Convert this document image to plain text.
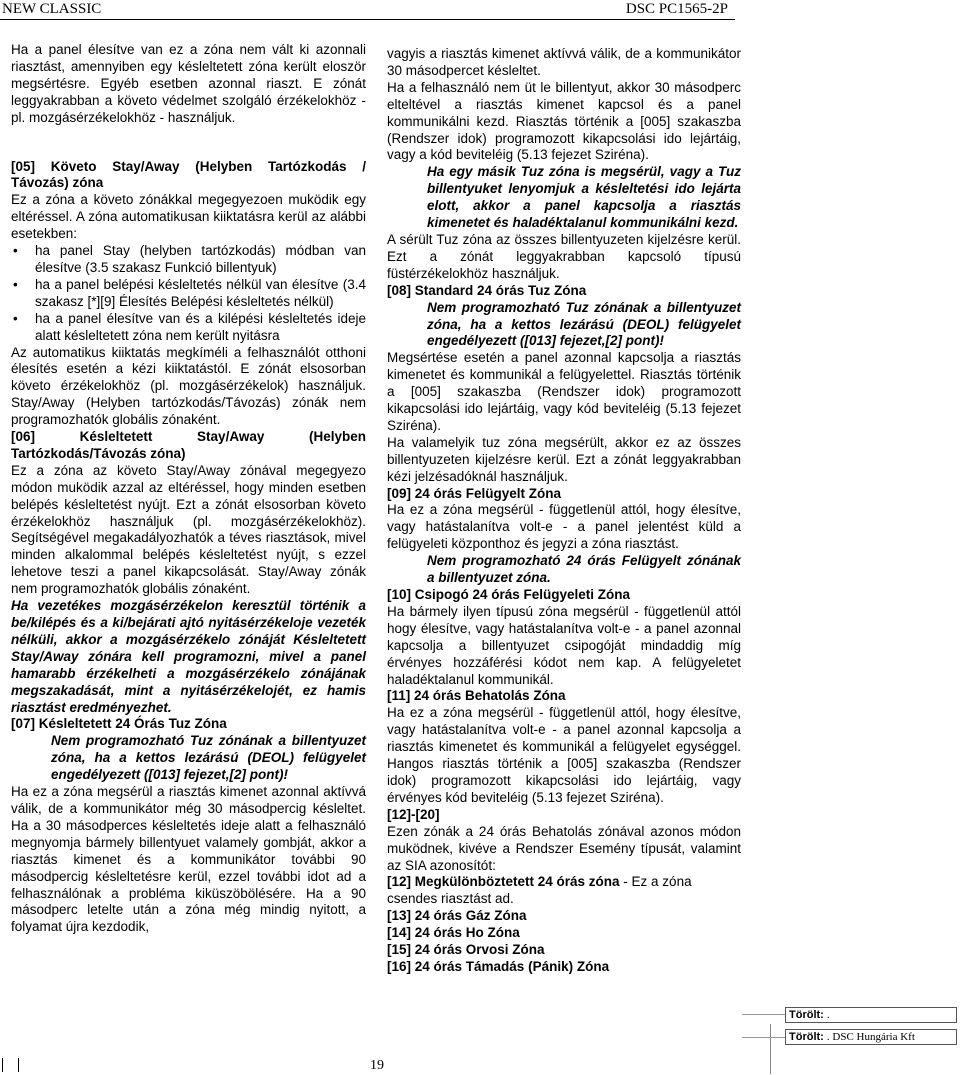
NEW CLASSIC	DSC PC1565-2P

Ha a panel élesítve van ez a zóna nem vált ki azonnali riasztást, amennyiben egy késleltetett zóna került eloször megsértésre. Egyéb esetben azonnal riaszt. E zónát leggyakrabban a követo védelmet szolgáló érzékelokhöz - pl. mozgásérzékelokhöz - használjuk.

[05] Követo Stay/Away (Helyben Tartózkodás / Távozás) zóna

Ez a zóna a követo zónákkal megegyezoen muködik egy eltéréssel. A zóna automatikusan kiiktatásra kerül az alábbi esetekben:

• ha panel Stay (helyben tartózkodás) módban van élesítve (3.5 szakasz Funkció billentyuk)

• ha a panel belépési késleltetés nélkül van élesítve (3.4 szakasz [*][9] Élesítés Belépési késleltetés nélkül)

• ha a panel élesítve van és a kilépési késleltetés ideje alatt késleltetett zóna nem került nyitásra

Az automatikus kiiktatás megkíméli a felhasználót otthoni élesítés esetén a kézi kiiktatástól. E zónát elsosorban követo érzékelokhöz (pl. mozgásérzékelok) használjuk. Stay/Away (Helyben tartózkodás/Távozás) zónák nem programozhatók globális zónaként.

[06] Késleltetett Stay/Away (Helyben Tartózkodás/Távozás zóna)

Ez a zóna az követo Stay/Away zónával megegyezo módon muködik azzal az eltéréssel, hogy minden esetben belépés késleltetést nyújt. Ezt a zónát elsosorban követo érzékelokhöz használjuk (pl. mozgásérzékelokhöz). Segítségével megakadályozhatók a téves riasztások, mivel minden alkalommal belépés késleltetést nyújt, s ezzel lehetove teszi a panel kikapcsolását. Stay/Away zónák nem programozhatók globális zónaként.

Ha vezetékes mozgásérzékelon keresztül történik a be/kilépés és a ki/bejárati ajtó nyitásérzékeloje vezeték nélküli, akkor a mozgásérzékelo zónáját Késleltetett Stay/Away zónára kell programozni, mivel a panel hamarabb érzékelheti a mozgásérzékelo zónájának megszakadását, mint a nyitásérzékelojét, ez hamis riasztást eredményezhet.

[07] Késleltetett 24 Órás Tuz Zóna

Nem programozható Tuz zónának a billentyuzet zóna, ha a kettos lezárású (DEOL) felügyelet engedélyezett ([013] fejezet,[2] pont)!

Ha ez a zóna megsérül a riasztás kimenet azonnal aktívvá válik, de a kommunikátor még 30 másodpercig késleltet. Ha a 30 másodperces késleltetés ideje alatt a felhasználó megnyomja bármely billentyuet valamely gombját, akkor a riasztás kimenet és a kommunikátor további 90 másodpercig késleltetésre kerül, ezzel további idot ad a felhasználónak a probléma kiküszöbölésére. Ha a 90 másodperc letelte után a zóna még mindig nyitott, a folyamat újra kezdodik,

vagyis a riasztás kimenet aktívvá válik, de a kommunikátor 30 másodpercet késleltet.

Ha a felhasználó nem üt le billentyut, akkor 30 másodperc elteltével a riasztás kimenet kapcsol és a panel kommunikálni kezd. Riasztás történik a [005] szakaszba (Rendszer idok) programozott kikapcsolási ido lejártáig, vagy a kód beviteléig (5.13 fejezet Sziréna).

Ha egy másik Tuz zóna is megsérül, vagy a Tuz billentyuket lenyomjuk a késleltetési ido lejárta elott, akkor a panel kapcsolja a riasztás kimenetet és haladéktalanul kommunikálni kezd.

A sérült Tuz zóna az összes billentyuzeten kijelzésre kerül. Ezt a zónát leggyakrabban kapcsoló típusú füstérzékelokhöz használjuk.

[08] Standard 24 órás Tuz Zóna

Nem programozható Tuz zónának a billentyuzet zóna, ha a kettos lezárású (DEOL) felügyelet engedélyezett ([013] fejezet,[2] pont)!

Megsértése esetén a panel azonnal kapcsolja a riasztás kimenetet és kommunikál a felügyelettel. Riasztás történik a [005] szakaszba (Rendszer idok) programozott kikapcsolási ido lejártáig, vagy kód beviteléig (5.13 fejezet Sziréna).

Ha valamelyik tuz zóna megsérült, akkor ez az összes billentyuzeten kijelzésre kerül. Ezt a zónát leggyakrabban kézi jelzésadóknál használjuk.

[09] 24 órás Felügyelt Zóna

Ha ez a zóna megsérül - függetlenül attól, hogy élesítve, vagy hatástalanítva volt-e - a panel jelentést küld a felügyeleti központhoz és jegyzi a zóna riasztást.

Nem programozható 24 órás Felügyelt zónának a billentyuzet zóna.

[10] Csipogó 24 órás Felügyeleti Zóna

Ha bármely ilyen típusú zóna megsérül - függetlenül attól hogy élesítve, vagy hatástalanítva volt-e - a panel azonnal kapcsolja a billentyuzet csipogóját mindaddig míg érvényes hozzáférési kódot nem kap. A felügyeletet haladéktalanul kommunikál.

[11] 24 órás Behatolás Zóna

Ha ez a zóna megsérül - függetlenül attól, hogy élesítve, vagy hatástalanítva volt-e - a panel azonnal kapcsolja a riasztás kimenetet és kommunikál a felügyelet egységgel. Hangos riasztás történik a [005] szakaszba (Rendszer idok) programozott kikapcsolási ido lejártáig, vagy érvényes kód beviteléig (5.13 fejezet Sziréna).

[12]-[20]

Ezen zónák a 24 órás Behatolás zónával azonos módon muködnek, kivéve a Rendszer Esemény típusát, valamint az SIA azonosítót:

[12] Megkülönböztetett 24 órás zóna - Ez a zóna csendes riasztást ad.

[13] 24 órás Gáz Zóna

[14] 24 órás Ho Zóna

[15] 24 órás Orvosi Zóna

[16] 24 órás Támadás (Pánik) Zóna

19
Törölt: .
Törölt: . DSC Hungária Kft
